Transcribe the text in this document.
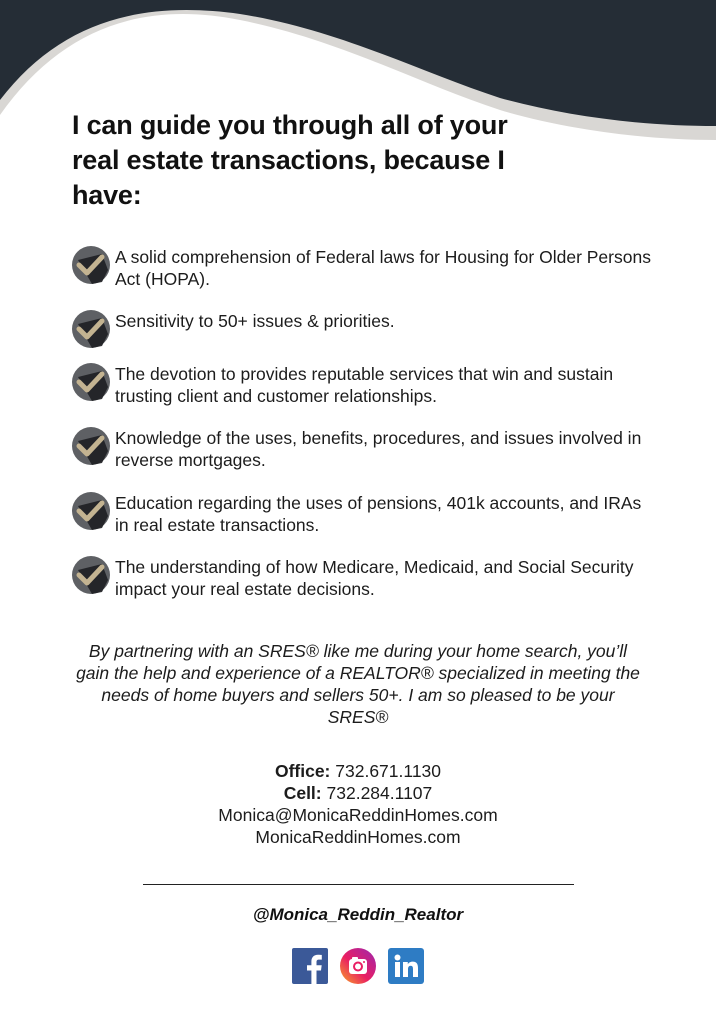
I can guide you through all of your real estate transactions, because I have:
A solid comprehension of Federal laws for Housing for Older Persons Act (HOPA).
Sensitivity to 50+ issues & priorities.
The devotion to provides reputable services that win and sustain trusting client and customer relationships.
Knowledge of the uses, benefits, procedures, and issues involved in reverse mortgages.
Education regarding the uses of pensions, 401k accounts, and IRAs in real estate transactions.
The understanding of how Medicare, Medicaid, and Social Security impact your real estate decisions.

By partnering with an SRES® like me during your home search, you’ll gain the help and experience of a REALTOR® specialized in meeting the needs of home buyers and sellers 50+. I am so pleased to be your SRES®

Office: 732.671.1130
Cell: 732.284.1107
Monica@MonicaReddinHomes.com
MonicaReddinHomes.com
@Monica_Reddin_Realtor
